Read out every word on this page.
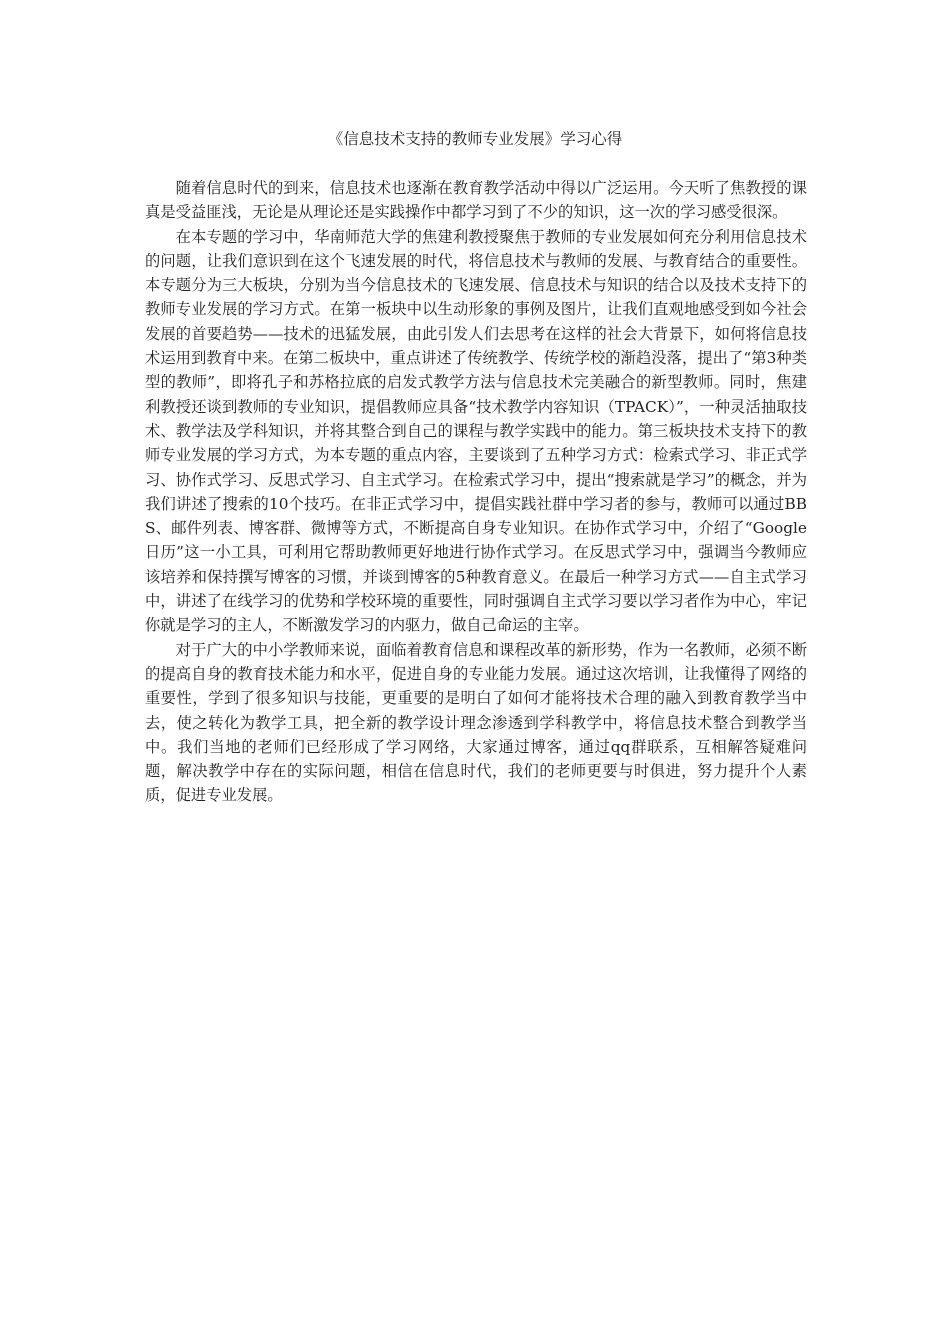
《信息技术支持的教师专业发展》学习心得

随着信息时代的到来，信息技术也逐渐在教育教学活动中得以广泛运用。今天听了焦教授的课真是受益匪浅，无论是从理论还是实践操作中都学习到了不少的知识，这一次的学习感受很深。

在本专题的学习中，华南师范大学的焦建利教授聚焦于教师的专业发展如何充分利用信息技术的问题，让我们意识到在这个飞速发展的时代，将信息技术与教师的发展、与教育结合的重要性。本专题分为三大板块，分别为当今信息技术的飞速发展、信息技术与知识的结合以及技术支持下的教师专业发展的学习方式。在第一板块中以生动形象的事例及图片，让我们直观地感受到如今社会发展的首要趋势——技术的迅猛发展，由此引发人们去思考在这样的社会大背景下，如何将信息技术运用到教育中来。在第二板块中，重点讲述了传统教学、传统学校的渐趋没落，提出了“第3种类型的教师”，即将孔子和苏格拉底的启发式教学方法与信息技术完美融合的新型教师。同时，焦建利教授还谈到教师的专业知识，提倡教师应具备“技术教学内容知识（TPACK）”，一种灵活抽取技术、教学法及学科知识，并将其整合到自己的课程与教学实践中的能力。第三板块技术支持下的教师专业发展的学习方式，为本专题的重点内容，主要谈到了五种学习方式：检索式学习、非正式学习、协作式学习、反思式学习、自主式学习。在检索式学习中，提出“搜索就是学习”的概念，并为我们讲述了搜索的10个技巧。在非正式学习中，提倡实践社群中学习者的参与，教师可以通过BBS、邮件列表、博客群、微博等方式，不断提高自身专业知识。在协作式学习中，介绍了“Google日历”这一小工具，可利用它帮助教师更好地进行协作式学习。在反思式学习中，强调当今教师应该培养和保持撰写博客的习惯，并谈到博客的5种教育意义。在最后一种学习方式——自主式学习中，讲述了在线学习的优势和学校环境的重要性，同时强调自主式学习要以学习者作为中心，牢记你就是学习的主人，不断激发学习的内驱力，做自己命运的主宰。

对于广大的中小学教师来说，面临着教育信息和课程改革的新形势，作为一名教师，必须不断的提高自身的教育技术能力和水平，促进自身的专业能力发展。通过这次培训，让我懂得了网络的重要性，学到了很多知识与技能，更重要的是明白了如何才能将技术合理的融入到教育教学当中去，使之转化为教学工具，把全新的教学设计理念渗透到学科教学中，将信息技术整合到教学当中。我们当地的老师们已经形成了学习网络，大家通过博客，通过qq群联系，互相解答疑难问题，解决教学中存在的实际问题，相信在信息时代，我们的老师更要与时俱进，努力提升个人素质，促进专业发展。
